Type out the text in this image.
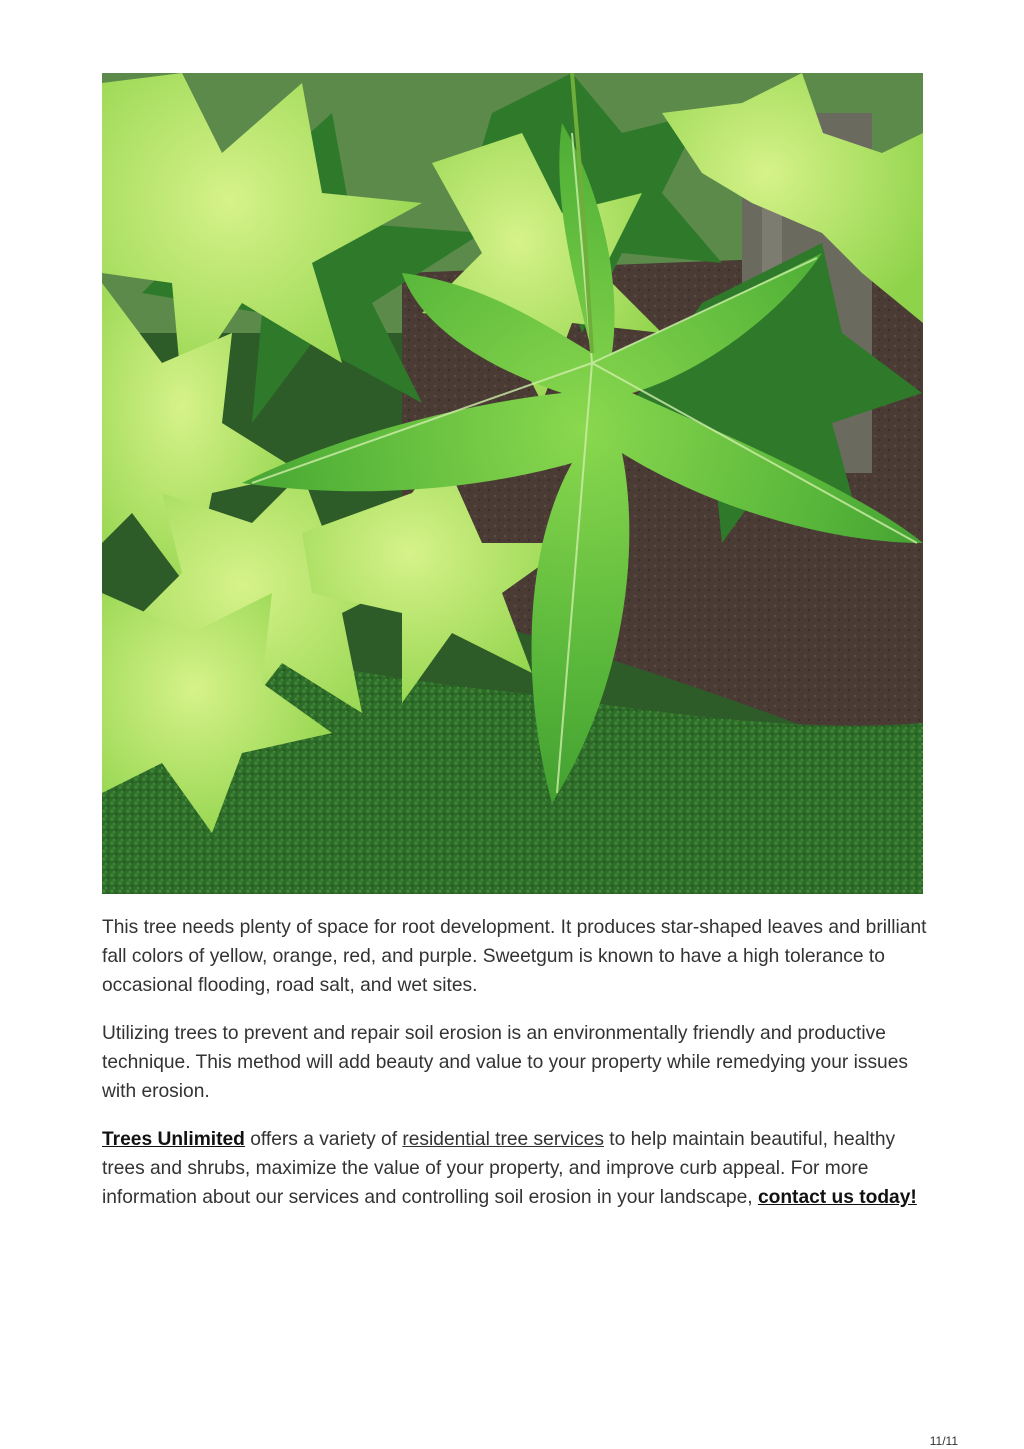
This tree needs plenty of space for root development. It produces star-shaped leaves and brilliant fall colors of yellow, orange, red, and purple. Sweetgum is known to have a high tolerance to occasional flooding, road salt, and wet sites.

Utilizing trees to prevent and repair soil erosion is an environmentally friendly and productive technique. This method will add beauty and value to your property while remedying your issues with erosion.

Trees Unlimited offers a variety of residential tree services to help maintain beautiful, healthy trees and shrubs, maximize the value of your property, and improve curb appeal. For more information about our services and controlling soil erosion in your landscape, contact us today!

11/11
